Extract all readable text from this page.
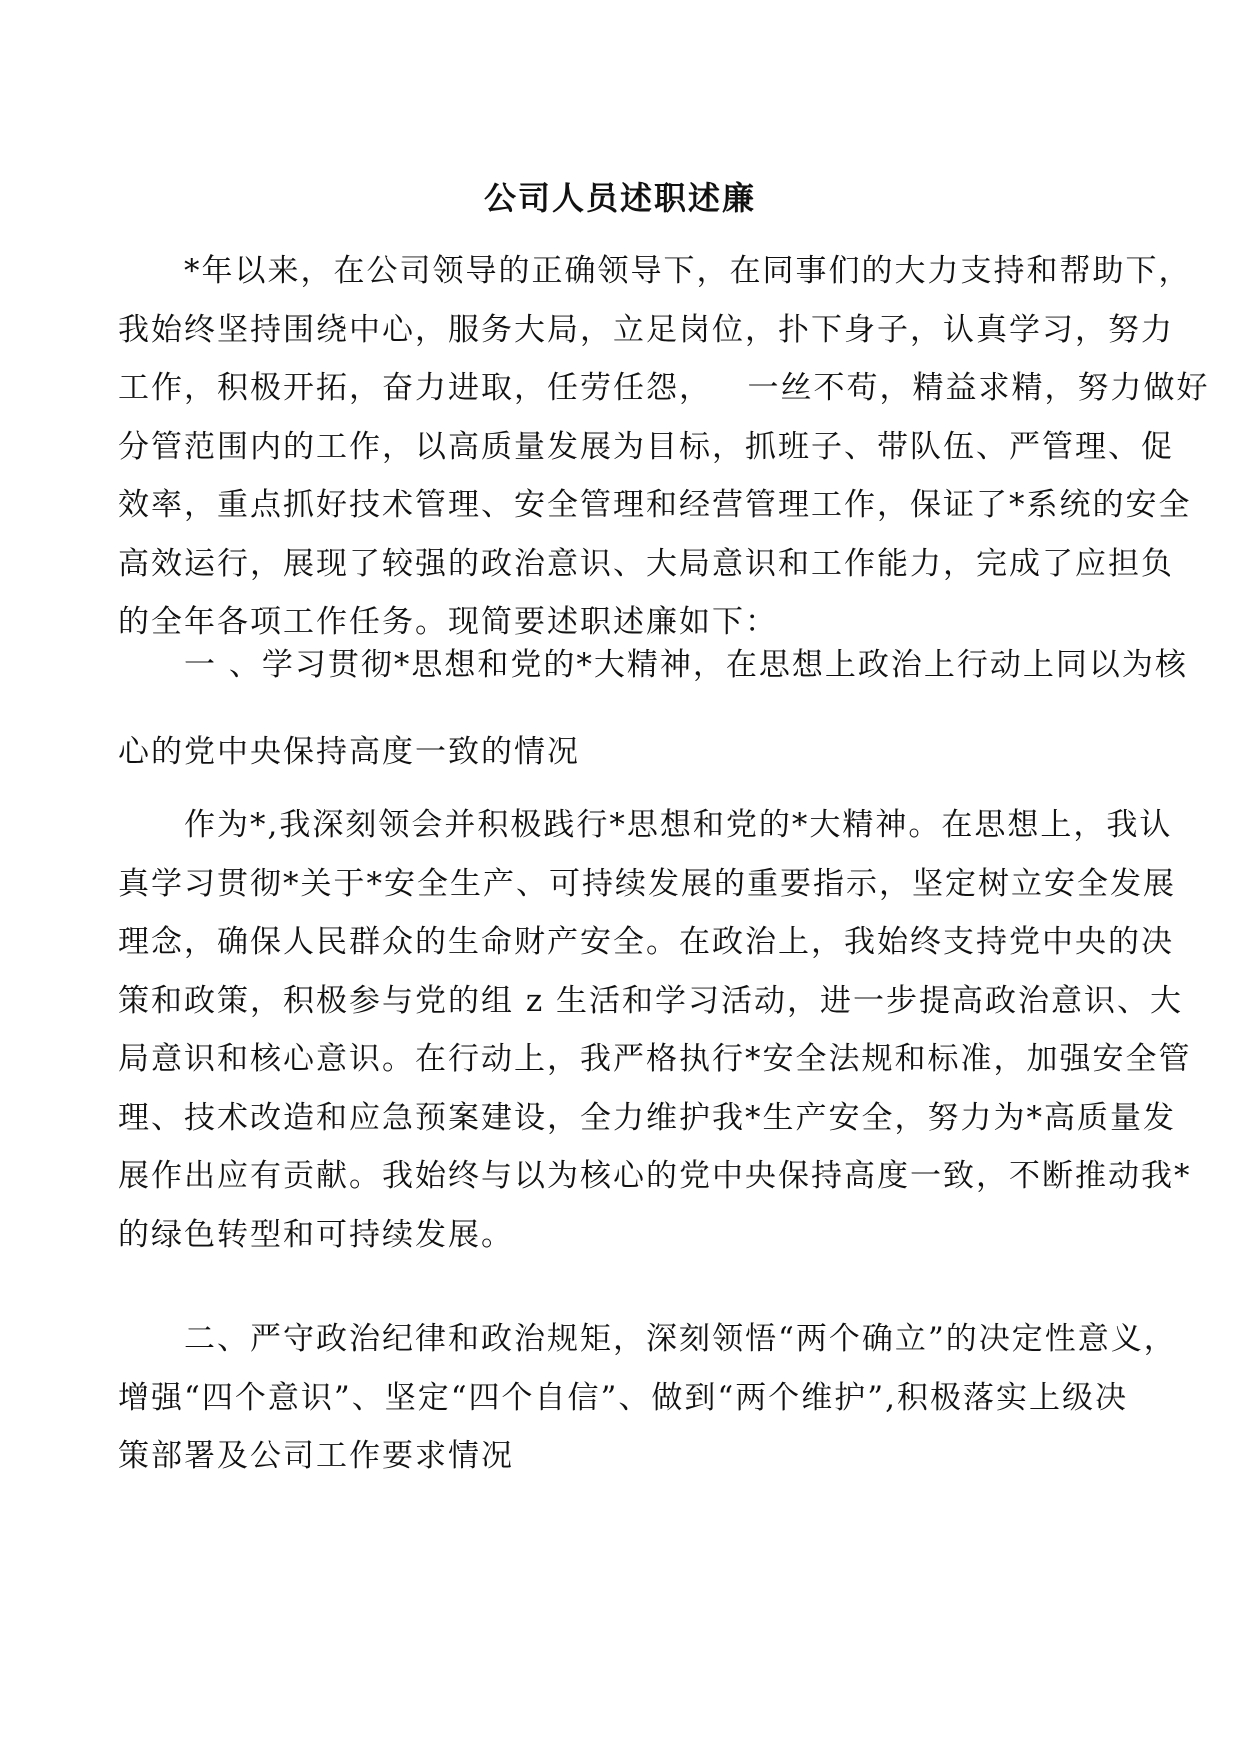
公司人员述职述廉
*年以来，在公司领导的正确领导下，在同事们的大力支持和帮助下，
我始终坚持围绕中心，服务大局，立足岗位，扑下身子，认真学习，努力
工作，积极开拓，奋力进取，任劳任怨，   一丝不苟，精益求精，努力做好
分管范围内的工作，以高质量发展为目标，抓班子、带队伍、严管理、促
效率，重点抓好技术管理、安全管理和经营管理工作，保证了*系统的安全
高效运行，展现了较强的政治意识、大局意识和工作能力，完成了应担负
的全年各项工作任务。现简要述职述廉如下：
一 、学习贯彻*思想和党的*大精神，在思想上政治上行动上同以为核
心的党中央保持高度一致的情况
作为*,我深刻领会并积极践行*思想和党的*大精神。在思想上，我认
真学习贯彻*关于*安全生产、可持续发展的重要指示，坚定树立安全发展
理念，确保人民群众的生命财产安全。在政治上，我始终支持党中央的决
策和政策，积极参与党的组 z 生活和学习活动，进一步提高政治意识、大
局意识和核心意识。在行动上，我严格执行*安全法规和标准，加强安全管
理、技术改造和应急预案建设，全力维护我*生产安全，努力为*高质量发
展作出应有贡献。我始终与以为核心的党中央保持高度一致，不断推动我*
的绿色转型和可持续发展。
二、严守政治纪律和政治规矩，深刻领悟“两个确立”的决定性意义，
增强“四个意识”、坚定“四个自信”、做到“两个维护”,积极落实上级决
策部署及公司工作要求情况
